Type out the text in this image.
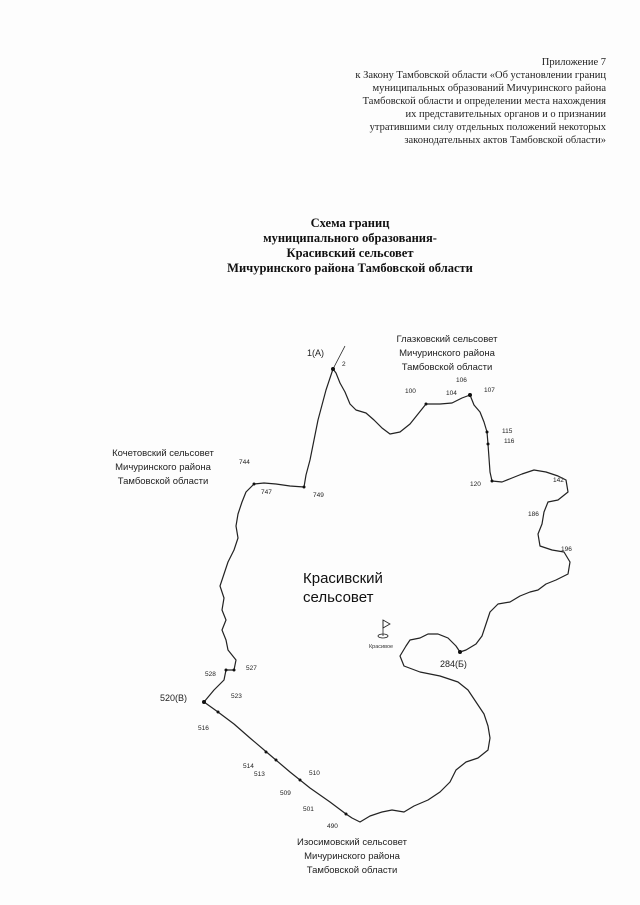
Приложение 7
к Закону Тамбовской области «Об установлении границ
муниципальных образований Мичуринского района
Тамбовской области и определении места нахождения
их представительных органов и о признании
утратившими силу отдельных положений некоторых
законодательных актов Тамбовской области»
Схема границ
муниципального образования-
Красивский сельсовет
Мичуринского района Тамбовской области
Глазковский сельсовет
Мичуринского района
Тамбовской области
Кочетовский сельсовет
Мичуринского района
Тамбовской области
Изосимовский сельсовет
Мичуринского района
Тамбовской области
1(А)
284(Б)
520(В)
2
100	104
106
107
115
116
120
142
186
196
744
747	749
528
527
523
516
514
513	510
509
501
490
Красивский
сельсовет
Красивое
